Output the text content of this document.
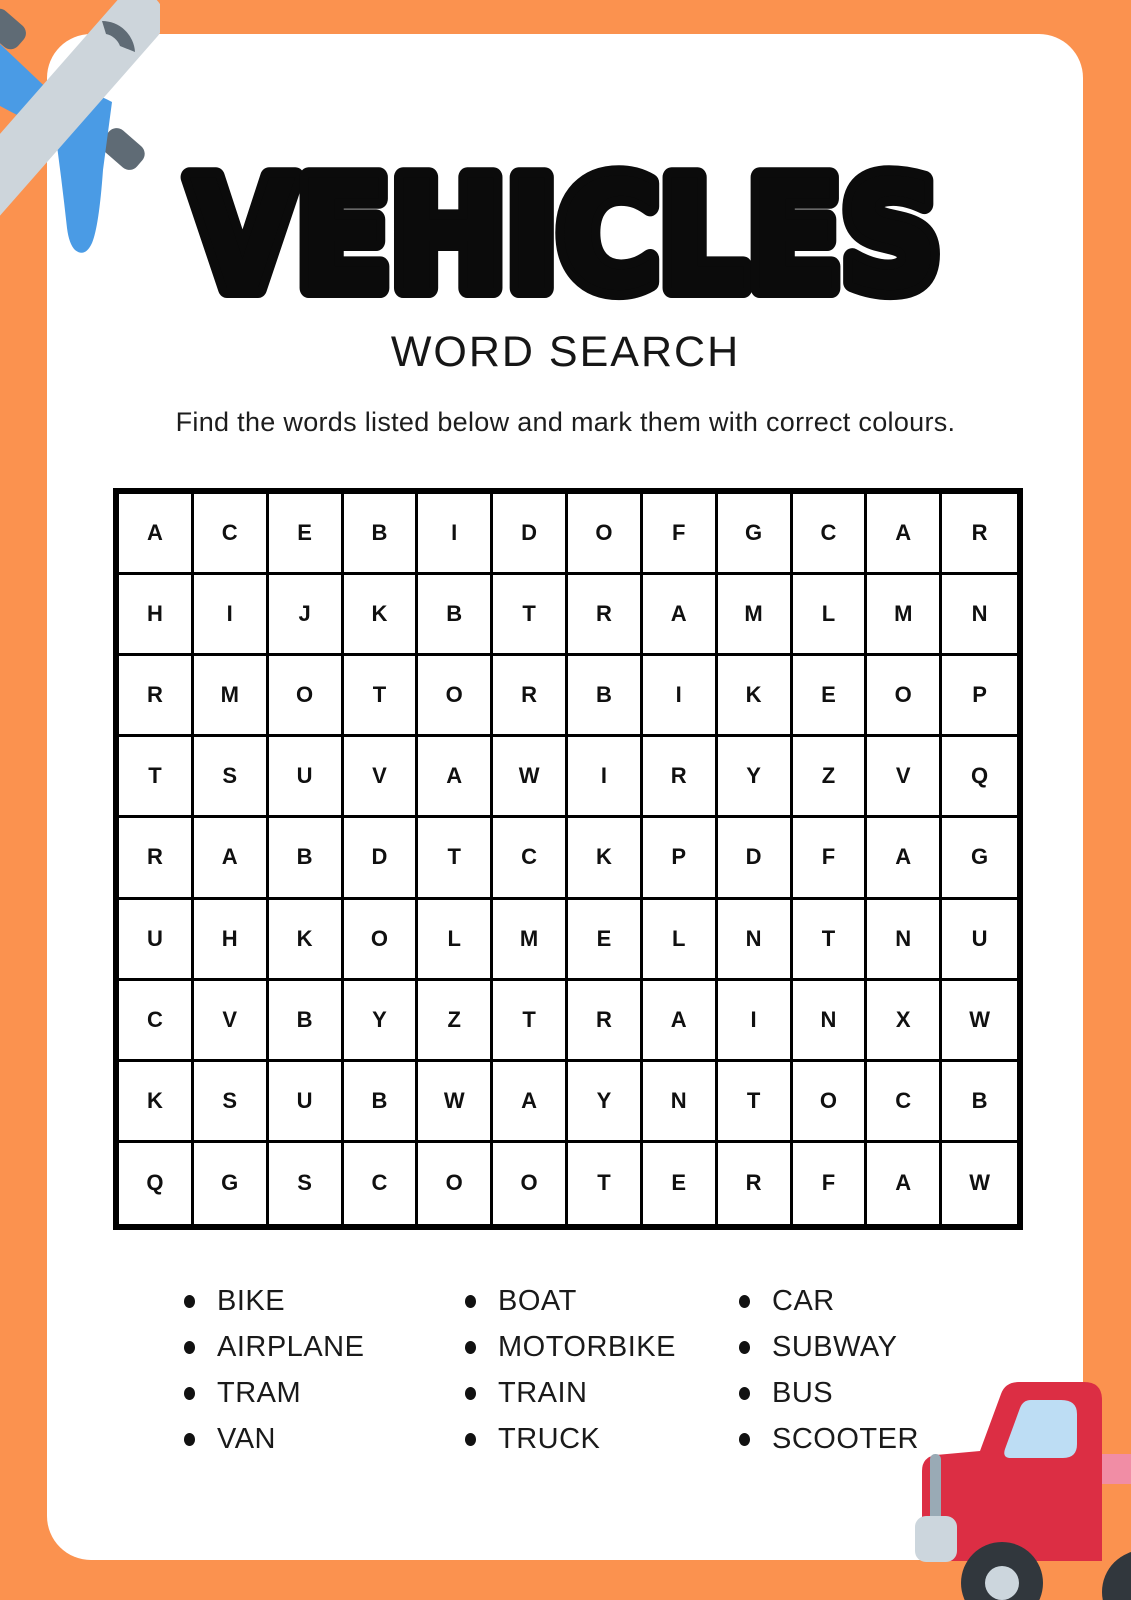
VEHICLES
WORD SEARCH
Find the words listed below and mark them with correct colours.
A	C	E	B	I	D	O	F	G	C	A	R
H	I	J	K	B	T	R	A	M	L	M	N
R	M	O	T	O	R	B	I	K	E	O	P
T	S	U	V	A	W	I	R	Y	Z	V	Q
R	A	B	D	T	C	K	P	D	F	A	G
U	H	K	O	L	M	E	L	N	T	N	U
C	V	B	Y	Z	T	R	A	I	N	X	W
K	S	U	B	W	A	Y	N	T	O	C	B
Q	G	S	C	O	O	T	E	R	F	A	W
BIKE
AIRPLANE
TRAM
VAN
BOAT
MOTORBIKE
TRAIN
TRUCK
CAR
SUBWAY
BUS
SCOOTER
